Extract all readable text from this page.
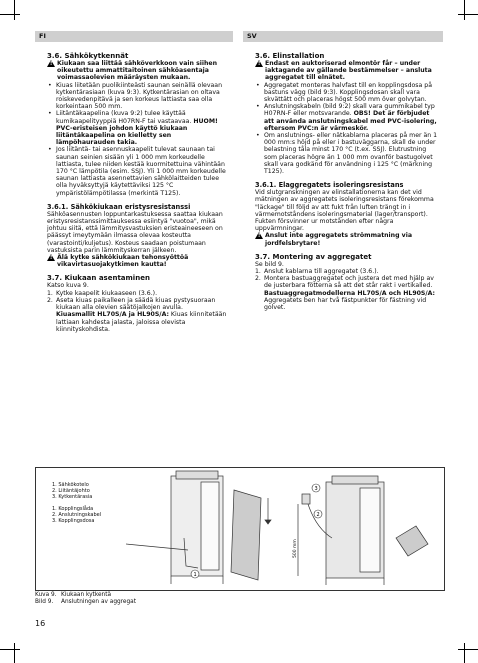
FI	SV

3.6. Sähkökytkennät

!
Kiukaan saa liittää sähköverkkoon vain siihen oikeutettu ammattitaitoinen sähköasentaja voimassaolevien määräysten mukaan.
• Kiuas liitetään puolikiinteästi saunan seinällä olevaan kytkentärasiaan (kuva 9:3). Kytkentärasian on oltava roiskevedenpitävä ja sen korkeus lattiasta saa olla korkeintaan 500 mm.
• Liitäntäkaapelina (kuva 9:2) tulee käyttää kumikaapelityyppiä H07RN-F tai vastaavaa. HUOM! PVC-eristeisen johdon käyttö kiukaan liitäntäkaapelina on kielletty sen lämpöhaurauden takia.
• Jos liitäntä- tai asennuskaapelit tulevat saunaan tai saunan seinien sisään yli 1 000 mm korkeudelle lattiasta, tulee niiden kestää kuormitettuina vähintään 170 °C lämpötila (esim. SSJ). Yli 1 000 mm korkeudelle saunan lattiasta asennettavien sähkölaitteiden tulee olla hyväksyttyjä käytettäviksi 125 °C ympäristölämpötilassa (merkintä T125).

3.6.1. Sähkökiukaan eristysresistanssi

Sähköasennusten loppuntarkastuksessa saattaa kiukaan eristysresistanssimittauksessa esiintyä "vuotoa", mikä johtuu siitä, että lämmitysvastuksien eristeaineeseen on päässyt imeytymään ilmassa olevaa kosteutta (varastointi/kuljetus). Kosteus saadaan poistumaan vastuksista parin lämmityskerran jälkeen.

!
Älä kytke sähkökiukaan tehonsyöttöä vikavirtasuojakytkimen kautta!

3.7. Kiukaan asentaminen

Katso kuva 9.

1. Kytke kaapelit kiukaaseen (3.6.).
2. Aseta kiuas paikalleen ja säädä kiuas pystysuoraan kiukaan alla olevien säätöjalkojen avulla.
Kiuasmallit HL70S/A ja HL90S/A: Kiuas kiinnitetään lattiaan kahdesta jalasta, jaloissa olevista kiinnityskohdista.

3.6. Elinstallation

!
Endast en auktoriserad elmontör får – under iaktagande av gällande bestämmelser – ansluta aggregatet till elnätet.
• Aggregatet monteras halvfast till en kopplingsdosa på bastuns vägg (bild 9:3). Kopplingsdosan skall vara skvättätt och placeras högst 500 mm över golvytan.
• Anslutningskabeln (bild 9:2) skall vara gummikabel typ H07RN-F eller motsvarande. OBS! Det är förbjudet att använda anslutningskabel med PVC-isolering, eftersom PVC:n är värmeskör.
• Om anslutnings- eller nätkablarna placeras på mer än 1 000 mm:s höjd på eller i bastuväggarna, skall de under belastning tåla minst 170 °C (t.ex. SSJ). Elutrustning som placeras högre än 1 000 mm ovanför bastugolvet skall vara godkänd för användning i 125 °C (märkning T125).

3.6.1. Elaggregatets isoleringsresistans

Vid slutgranskningen av elinstallationerna kan det vid mätningen av aggregatets isoleringsresistans förekomma "läckage" till följd av att fukt från luften trängt in i värmemotståndens isoleringsmaterial (lager/transport). Fukten försvinner ur motstånden efter några uppvärmningar.

!
Anslut inte aggregatets strömmatning via jordfelsbrytare!

3.7. Montering av aggregatet

Se bild 9.

1. Anslut kablarna till aggregatet (3.6.).
2. Montera bastuaggregatet och justera det med hjälp av de justerbara fötterna så att det står rakt i vertikalled.
Bastuaggregatmodellerna HL70S/A och HL90S/A: Aggregatets ben har två fästpunkter för fästning vid golvet.
1. Sähkökotelo
2. Liitäntäjohto
3. Kytkentärasia
1. Kopplingslåda
2. Anslutningskabel
3. Kopplingsdosa
1
500 mm
3
2
Kuva 9. Kiukaan kytkentä
Bild 9. Anslutningen av aggregat
16
